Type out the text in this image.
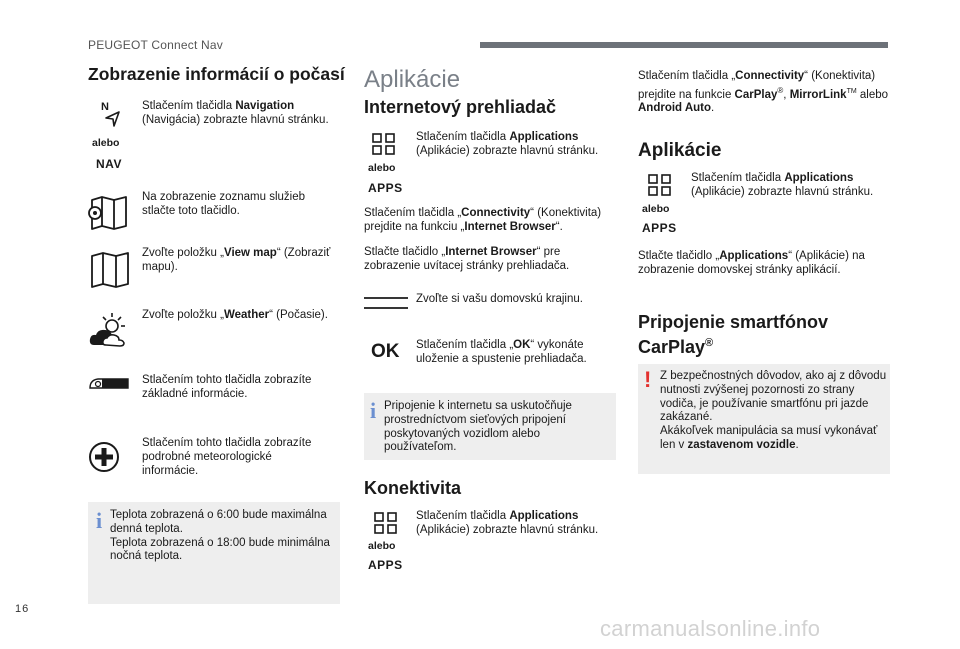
PEUGEOT Connect Nav
Zobrazenie informácií o počasí
N
alebo
NAV
Stlačením tlačidla Navigation (Navigácia) zobrazte hlavnú stránku.
Na zobrazenie zoznamu služieb stlačte toto tlačidlo.
Zvoľte položku „View map“ (Zobraziť mapu).
Zvoľte položku „Weather“ (Počasie).
Stlačením tohto tlačidla zobrazíte základné informácie.
Stlačením tohto tlačidla zobrazíte podrobné meteorologické informácie.
i Teplota zobrazená o 6:00 bude maximálna denná teplota.
Teplota zobrazená o 18:00 bude minimálna nočná teplota.
Aplikácie
Internetový prehliadač
alebo
APPS
Stlačením tlačidla Applications (Aplikácie) zobrazte hlavnú stránku.
Stlačením tlačidla „Connectivity“ (Konektivita) prejdite na funkciu „Internet Browser“.
Stlačte tlačidlo „Internet Browser“ pre zobrazenie uvítacej stránky prehliadača.
Zvoľte si vašu domovskú krajinu.
OK Stlačením tlačidla „OK“ vykonáte uloženie a spustenie prehliadača.
i Pripojenie k internetu sa uskutočňuje prostredníctvom sieťových pripojení poskytovaných vozidlom alebo používateľom.
Konektivita
alebo
APPS
Stlačením tlačidla Applications (Aplikácie) zobrazte hlavnú stránku.
Stlačením tlačidla „Connectivity“ (Konektivita) prejdite na funkcie CarPlay®, MirrorLink™ alebo Android Auto.
Aplikácie
alebo
APPS
Stlačením tlačidla Applications (Aplikácie) zobrazte hlavnú stránku.
Stlačte tlačidlo „Applications“ (Aplikácie) na zobrazenie domovskej stránky aplikácií.
Pripojenie smartfónov
CarPlay®
! Z bezpečnostných dôvodov, ako aj z dôvodu nutnosti zvýšenej pozornosti zo strany vodiča, je používanie smartfónu pri jazde zakázané.
Akákoľvek manipulácia sa musí vykonávať len v zastavenom vozidle.
16
carmanualsonline.info
